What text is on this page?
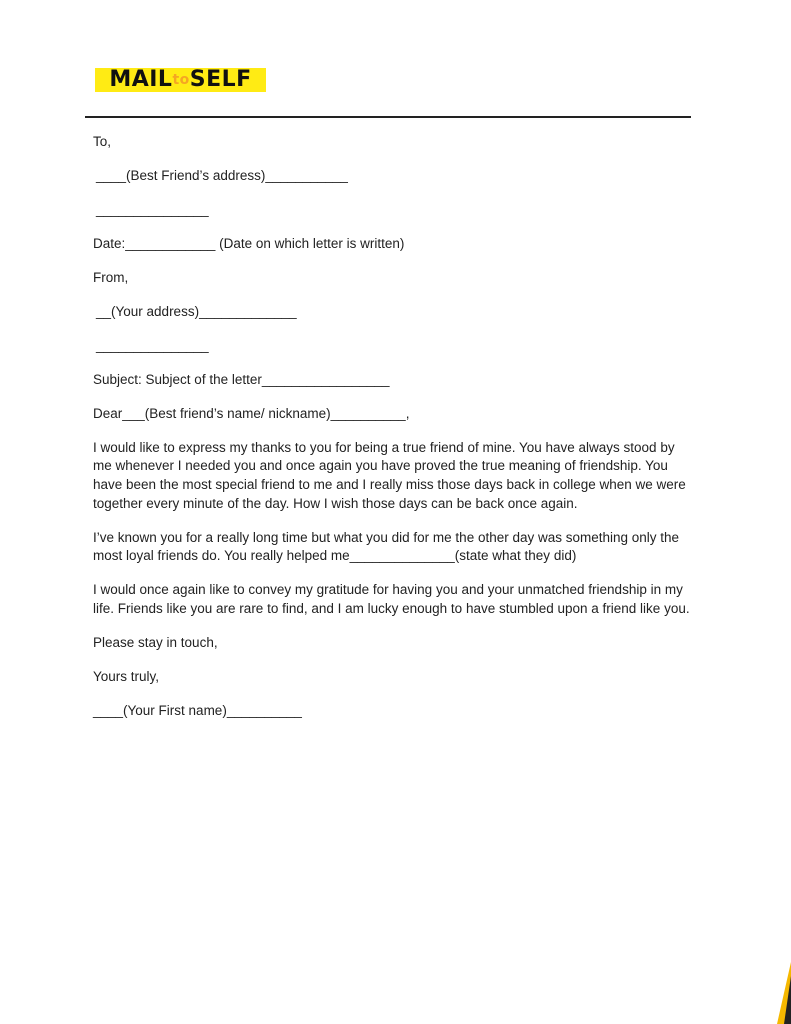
MAILtoSELF

To,

____(Best Friend’s address)___________

_______________

Date:____________ (Date on which letter is written)

From,

__(Your address)_____________

_______________

Subject: Subject of the letter_________________

Dear___(Best friend’s name/ nickname)__________,

I would like to express my thanks to you for being a true friend of mine. You have always stood by me whenever I needed you and once again you have proved the true meaning of friendship. You have been the most special friend to me and I really miss those days back in college when we were together every minute of the day. How I wish those days can be back once again.

I’ve known you for a really long time but what you did for me the other day was something only the most loyal friends do. You really helped me______________(state what they did)

I would once again like to convey my gratitude for having you and your unmatched friendship in my life. Friends like you are rare to find, and I am lucky enough to have stumbled upon a friend like you.

Please stay in touch,

Yours truly,

____(Your First name)__________
